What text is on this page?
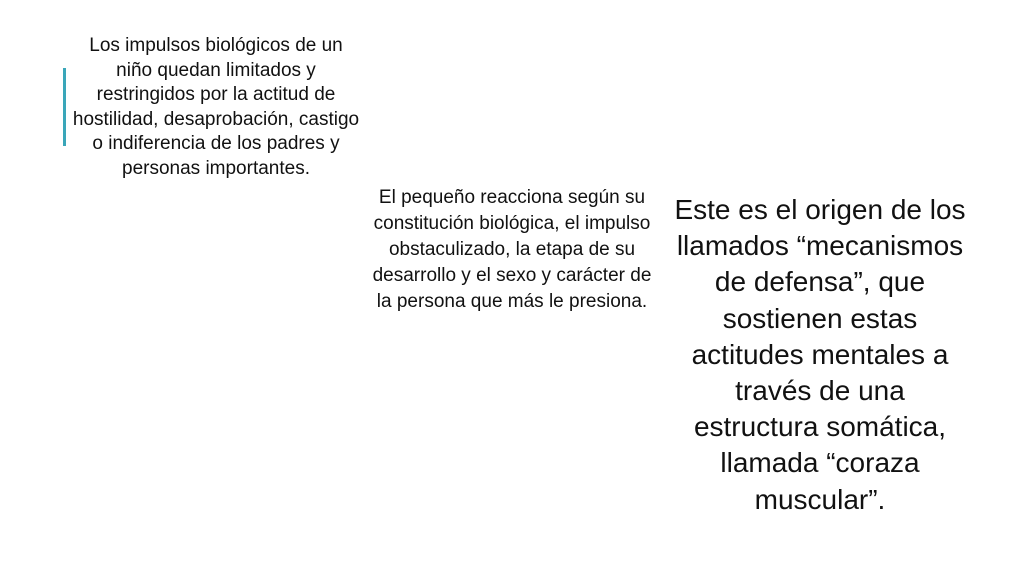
Los impulsos biológicos de un niño quedan limitados y restringidos por la actitud de hostilidad, desaprobación, castigo o indiferencia de los padres y personas importantes.

El pequeño reacciona según su constitución biológica, el impulso obstaculizado, la etapa de su desarrollo y el sexo y carácter de la persona que más le presiona.

Este es el origen de los llamados “mecanismos de defensa”, que sostienen estas actitudes mentales a través de una estructura somática, llamada “coraza muscular”.
